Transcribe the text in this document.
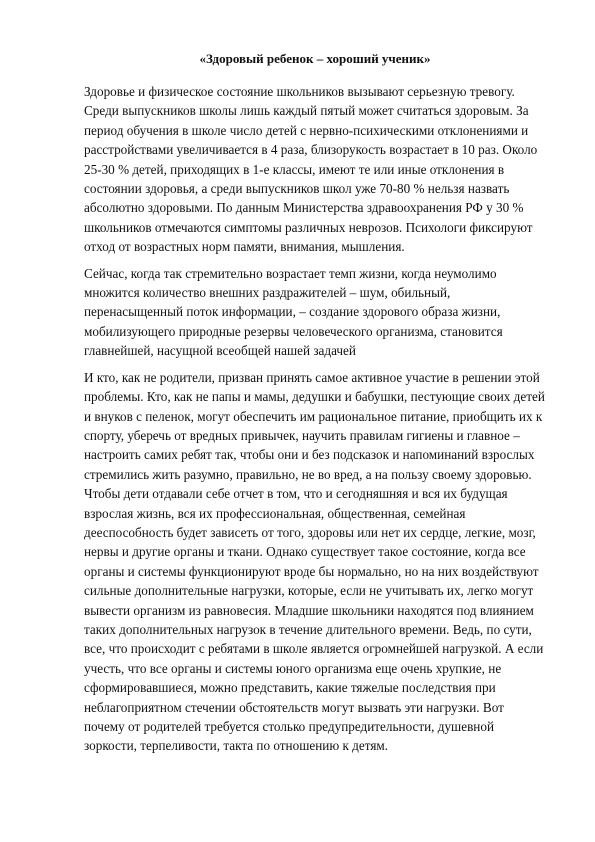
«Здоровый ребенок – хороший ученик»

Здоровье и физическое состояние школьников вызывают серьезную тревогу. Среди выпускников школы лишь каждый пятый может считаться здоровым. За период обучения в школе число детей с нервно-психическими отклонениями и расстройствами увеличивается в 4 раза, близорукость возрастает в 10 раз. Около 25-30 % детей, приходящих в 1-е классы, имеют те или иные отклонения в состоянии здоровья, а среди выпускников школ уже 70-80 % нельзя назвать абсолютно здоровыми. По данным Министерства здравоохранения РФ у 30 % школьников отмечаются симптомы различных неврозов. Психологи фиксируют отход от возрастных норм памяти, внимания, мышления.

Сейчас, когда так стремительно возрастает темп жизни, когда неумолимо множится количество внешних раздражителей – шум, обильный, перенасыщенный поток информации, – создание здорового образа жизни, мобилизующего природные резервы человеческого организма, становится главнейшей, насущной всеобщей нашей задачей

И кто, как не родители, призван принять самое активное участие в решении этой проблемы. Кто, как не папы и мамы, дедушки и бабушки, пестующие своих детей и внуков с пеленок, могут обеспечить им рациональное питание, приобщить их к спорту, уберечь от вредных привычек, научить правилам гигиены и главное – настроить самих ребят так, чтобы они и без подсказок и напоминаний взрослых стремились жить разумно, правильно, не во вред, а на пользу своему здоровью. Чтобы дети отдавали себе отчет в том, что и сегодняшняя и вся их будущая взрослая жизнь, вся их профессиональная, общественная, семейная дееспособность будет зависеть от того, здоровы или нет их сердце, легкие, мозг, нервы и другие органы и ткани. Однако существует такое состояние, когда все органы и системы функционируют вроде бы нормально, но на них воздействуют сильные дополнительные нагрузки, которые, если не учитывать их, легко могут вывести организм из равновесия. Младшие школьники находятся под влиянием таких дополнительных нагрузок в течение длительного времени. Ведь, по сути, все, что происходит с ребятами в школе является огромнейшей нагрузкой. А если учесть, что все органы и системы юного организма еще очень хрупкие, не сформировавшиеся, можно представить, какие тяжелые последствия при неблагоприятном стечении обстоятельств могут вызвать эти нагрузки. Вот почему от родителей требуется столько предупредительности, душевной зоркости, терпеливости, такта по отношению к детям.
